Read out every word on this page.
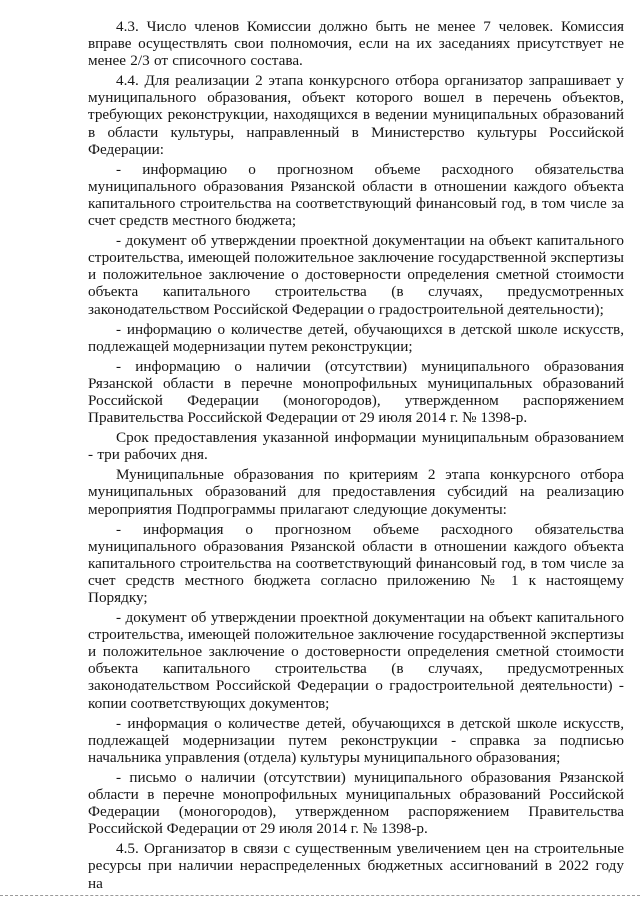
4.3. Число членов Комиссии должно быть не менее 7 человек. Комиссия вправе осуществлять свои полномочия, если на их заседаниях присутствует не менее 2/3 от списочного состава.

4.4. Для реализации 2 этапа конкурсного отбора организатор запрашивает у муниципального образования, объект которого вошел в перечень объектов, требующих реконструкции, находящихся в ведении муниципальных образований в области культуры, направленный в Министерство культуры Российской Федерации:

- информацию о прогнозном объеме расходного обязательства муниципального образования Рязанской области в отношении каждого объекта капитального строительства на соответствующий финансовый год, в том числе за счет средств местного бюджета;

- документ об утверждении проектной документации на объект капитального строительства, имеющей положительное заключение государственной экспертизы и положительное заключение о достоверности определения сметной стоимости объекта капитального строительства (в случаях, предусмотренных законодательством Российской Федерации о градостроительной деятельности);

- информацию о количестве детей, обучающихся в детской школе искусств, подлежащей модернизации путем реконструкции;

- информацию о наличии (отсутствии) муниципального образования Рязанской области в перечне монопрофильных муниципальных образований Российской Федерации (моногородов), утвержденном распоряжением Правительства Российской Федерации от 29 июля 2014 г. № 1398-р.

Срок предоставления указанной информации муниципальным образованием - три рабочих дня.

Муниципальные образования по критериям 2 этапа конкурсного отбора муниципальных образований для предоставления субсидий на реализацию мероприятия Подпрограммы прилагают следующие документы:

- информация о прогнозном объеме расходного обязательства муниципального образования Рязанской области в отношении каждого объекта капитального строительства на соответствующий финансовый год, в том числе за счет средств местного бюджета согласно приложению № 1 к настоящему Порядку;

- документ об утверждении проектной документации на объект капитального строительства, имеющей положительное заключение государственной экспертизы и положительное заключение о достоверности определения сметной стоимости объекта капитального строительства (в случаях, предусмотренных законодательством Российской Федерации о градостроительной деятельности) - копии соответствующих документов;

- информация о количестве детей, обучающихся в детской школе искусств, подлежащей модернизации путем реконструкции - справка за подписью начальника управления (отдела) культуры муниципального образования;

- письмо о наличии (отсутствии) муниципального образования Рязанской области в перечне монопрофильных муниципальных образований Российской Федерации (моногородов), утвержденном распоряжением Правительства Российской Федерации от 29 июля 2014 г. № 1398-р.

4.5. Организатор в связи с существенным увеличением цен на строительные ресурсы при наличии нераспределенных бюджетных ассигнований в 2022 году на
